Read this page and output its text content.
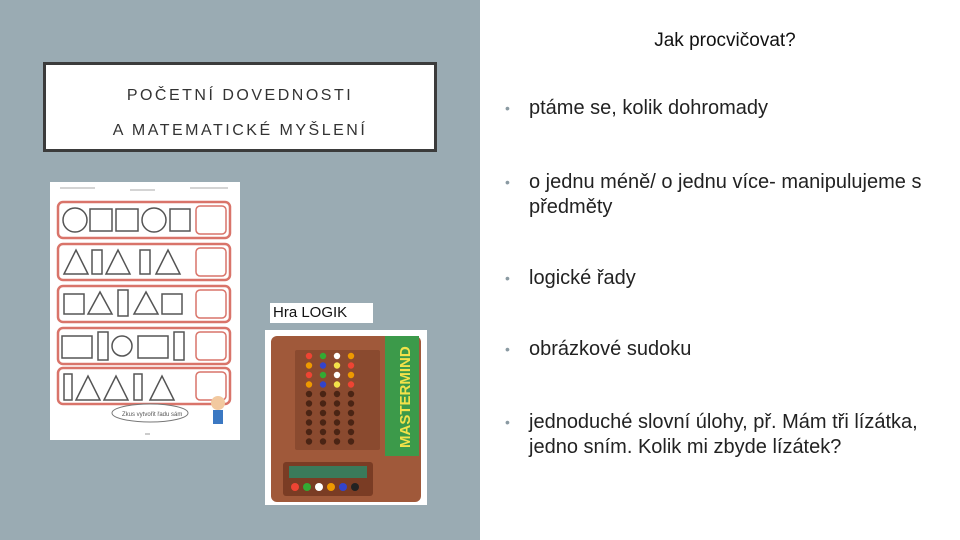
POČETNÍ DOVEDNOSTI
A MATEMATICKÉ MYŠLENÍ
Zkus vytvořit řadu sám
Hra LOGIK
MASTERMIND
Jak procvičovat?
• ptáme se, kolik dohromady
• o jednu méně/ o jednu více- manipulujeme s předměty
• logické řady
• obrázkové sudoku
• jednoduché slovní úlohy, př. Mám tři lízátka, jedno sním. Kolik mi zbyde lízátek?
